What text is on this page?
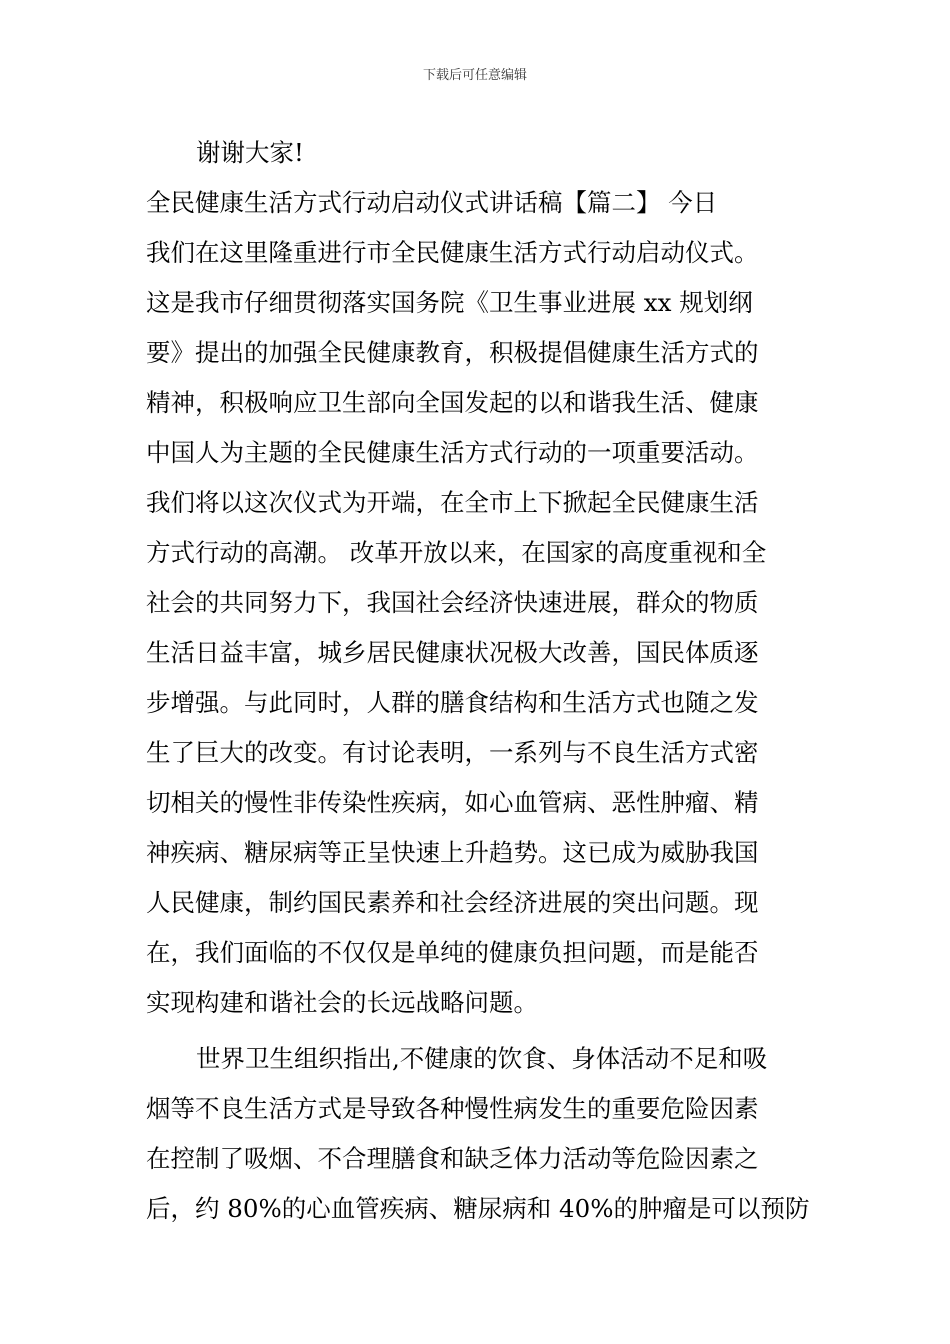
下载后可任意编辑
谢谢大家!
全民健康生活方式行动启动仪式讲话稿【篇二】 今日
我们在这里隆重进行市全民健康生活方式行动启动仪式。
这是我市仔细贯彻落实国务院《卫生事业进展 xx 规划纲
要》提出的加强全民健康教育，积极提倡健康生活方式的
精神，积极响应卫生部向全国发起的以和谐我生活、健康
中国人为主题的全民健康生活方式行动的一项重要活动。
我们将以这次仪式为开端，在全市上下掀起全民健康生活
方式行动的高潮。 改革开放以来，在国家的高度重视和全
社会的共同努力下，我国社会经济快速进展，群众的物质
生活日益丰富，城乡居民健康状况极大改善，国民体质逐
步增强。与此同时，人群的膳食结构和生活方式也随之发
生了巨大的改变。有讨论表明，一系列与不良生活方式密
切相关的慢性非传染性疾病，如心血管病、恶性肿瘤、精
神疾病、糖尿病等正呈快速上升趋势。这已成为威胁我国
人民健康，制约国民素养和社会经济进展的突出问题。现
在，我们面临的不仅仅是单纯的健康负担问题，而是能否
实现构建和谐社会的长远战略问题。
世界卫生组织指出,不健康的饮食、身体活动不足和吸
烟等不良生活方式是导致各种慢性病发生的重要危险因素
在控制了吸烟、不合理膳食和缺乏体力活动等危险因素之
后，约 80%的心血管疾病、糖尿病和 40%的肿瘤是可以预防
